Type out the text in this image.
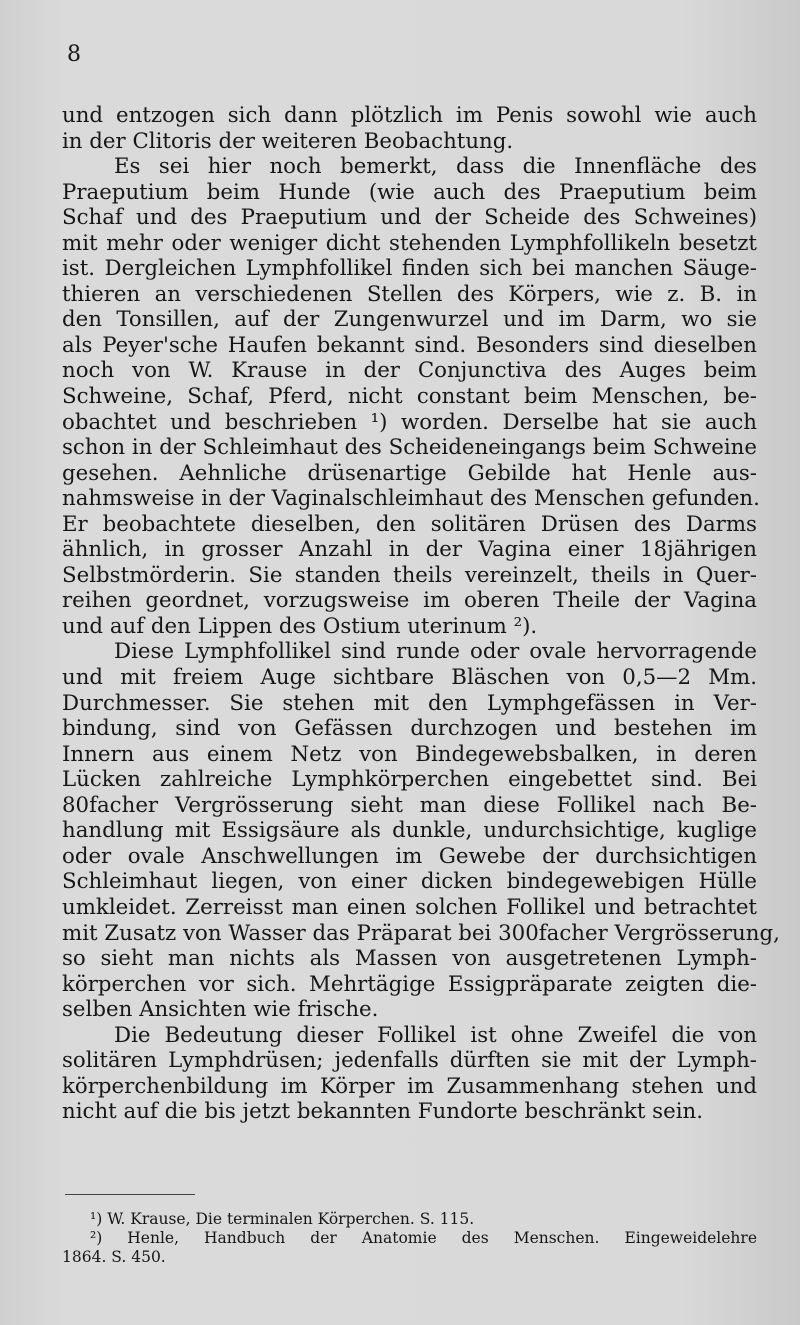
8
und entzogen sich dann plötzlich im Penis sowohl wie auch
in der Clitoris der weiteren Beobachtung.
Es sei hier noch bemerkt, dass die Innenfläche des
Praeputium beim Hunde (wie auch des Praeputium beim
Schaf und des Praeputium und der Scheide des Schweines)
mit mehr oder weniger dicht stehenden Lymphfollikeln besetzt
ist. Dergleichen Lymphfollikel finden sich bei manchen Säuge-
thieren an verschiedenen Stellen des Körpers, wie z. B. in
den Tonsillen, auf der Zungenwurzel und im Darm, wo sie
als Peyer'sche Haufen bekannt sind. Besonders sind dieselben
noch von W. Krause in der Conjunctiva des Auges beim
Schweine, Schaf, Pferd, nicht constant beim Menschen, be-
obachtet und beschrieben ¹) worden. Derselbe hat sie auch
schon in der Schleimhaut des Scheideneingangs beim Schweine
gesehen. Aehnliche drüsenartige Gebilde hat Henle aus-
nahmsweise in der Vaginalschleimhaut des Menschen gefunden.
Er beobachtete dieselben, den solitären Drüsen des Darms
ähnlich, in grosser Anzahl in der Vagina einer 18jährigen
Selbstmörderin. Sie standen theils vereinzelt, theils in Quer-
reihen geordnet, vorzugsweise im oberen Theile der Vagina
und auf den Lippen des Ostium uterinum ²).
Diese Lymphfollikel sind runde oder ovale hervorragende
und mit freiem Auge sichtbare Bläschen von 0,5—2 Mm.
Durchmesser. Sie stehen mit den Lymphgefässen in Ver-
bindung, sind von Gefässen durchzogen und bestehen im
Innern aus einem Netz von Bindegewebsbalken, in deren
Lücken zahlreiche Lymphkörperchen eingebettet sind. Bei
80facher Vergrösserung sieht man diese Follikel nach Be-
handlung mit Essigsäure als dunkle, undurchsichtige, kuglige
oder ovale Anschwellungen im Gewebe der durchsichtigen
Schleimhaut liegen, von einer dicken bindegewebigen Hülle
umkleidet. Zerreisst man einen solchen Follikel und betrachtet
mit Zusatz von Wasser das Präparat bei 300facher Vergrösserung,
so sieht man nichts als Massen von ausgetretenen Lymph-
körperchen vor sich. Mehrtägige Essigpräparate zeigten die-
selben Ansichten wie frische.
Die Bedeutung dieser Follikel ist ohne Zweifel die von
solitären Lymphdrüsen; jedenfalls dürften sie mit der Lymph-
körperchenbildung im Körper im Zusammenhang stehen und
nicht auf die bis jetzt bekannten Fundorte beschränkt sein.
¹) W. Krause, Die terminalen Körperchen. S. 115.
²) Henle, Handbuch der Anatomie des Menschen. Eingeweidelehre
1864. S. 450.
